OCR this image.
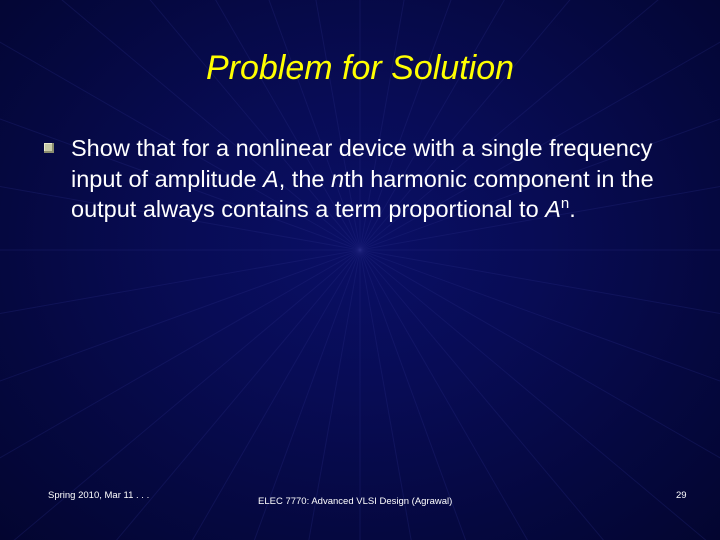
Problem for Solution
Show that for a nonlinear device with a single frequency input of amplitude A, the nth harmonic component in the output always contains a term proportional to $A^n$.
Spring 2010, Mar 11 . . .
ELEC 7770: Advanced VLSI Design (Agrawal)
29
